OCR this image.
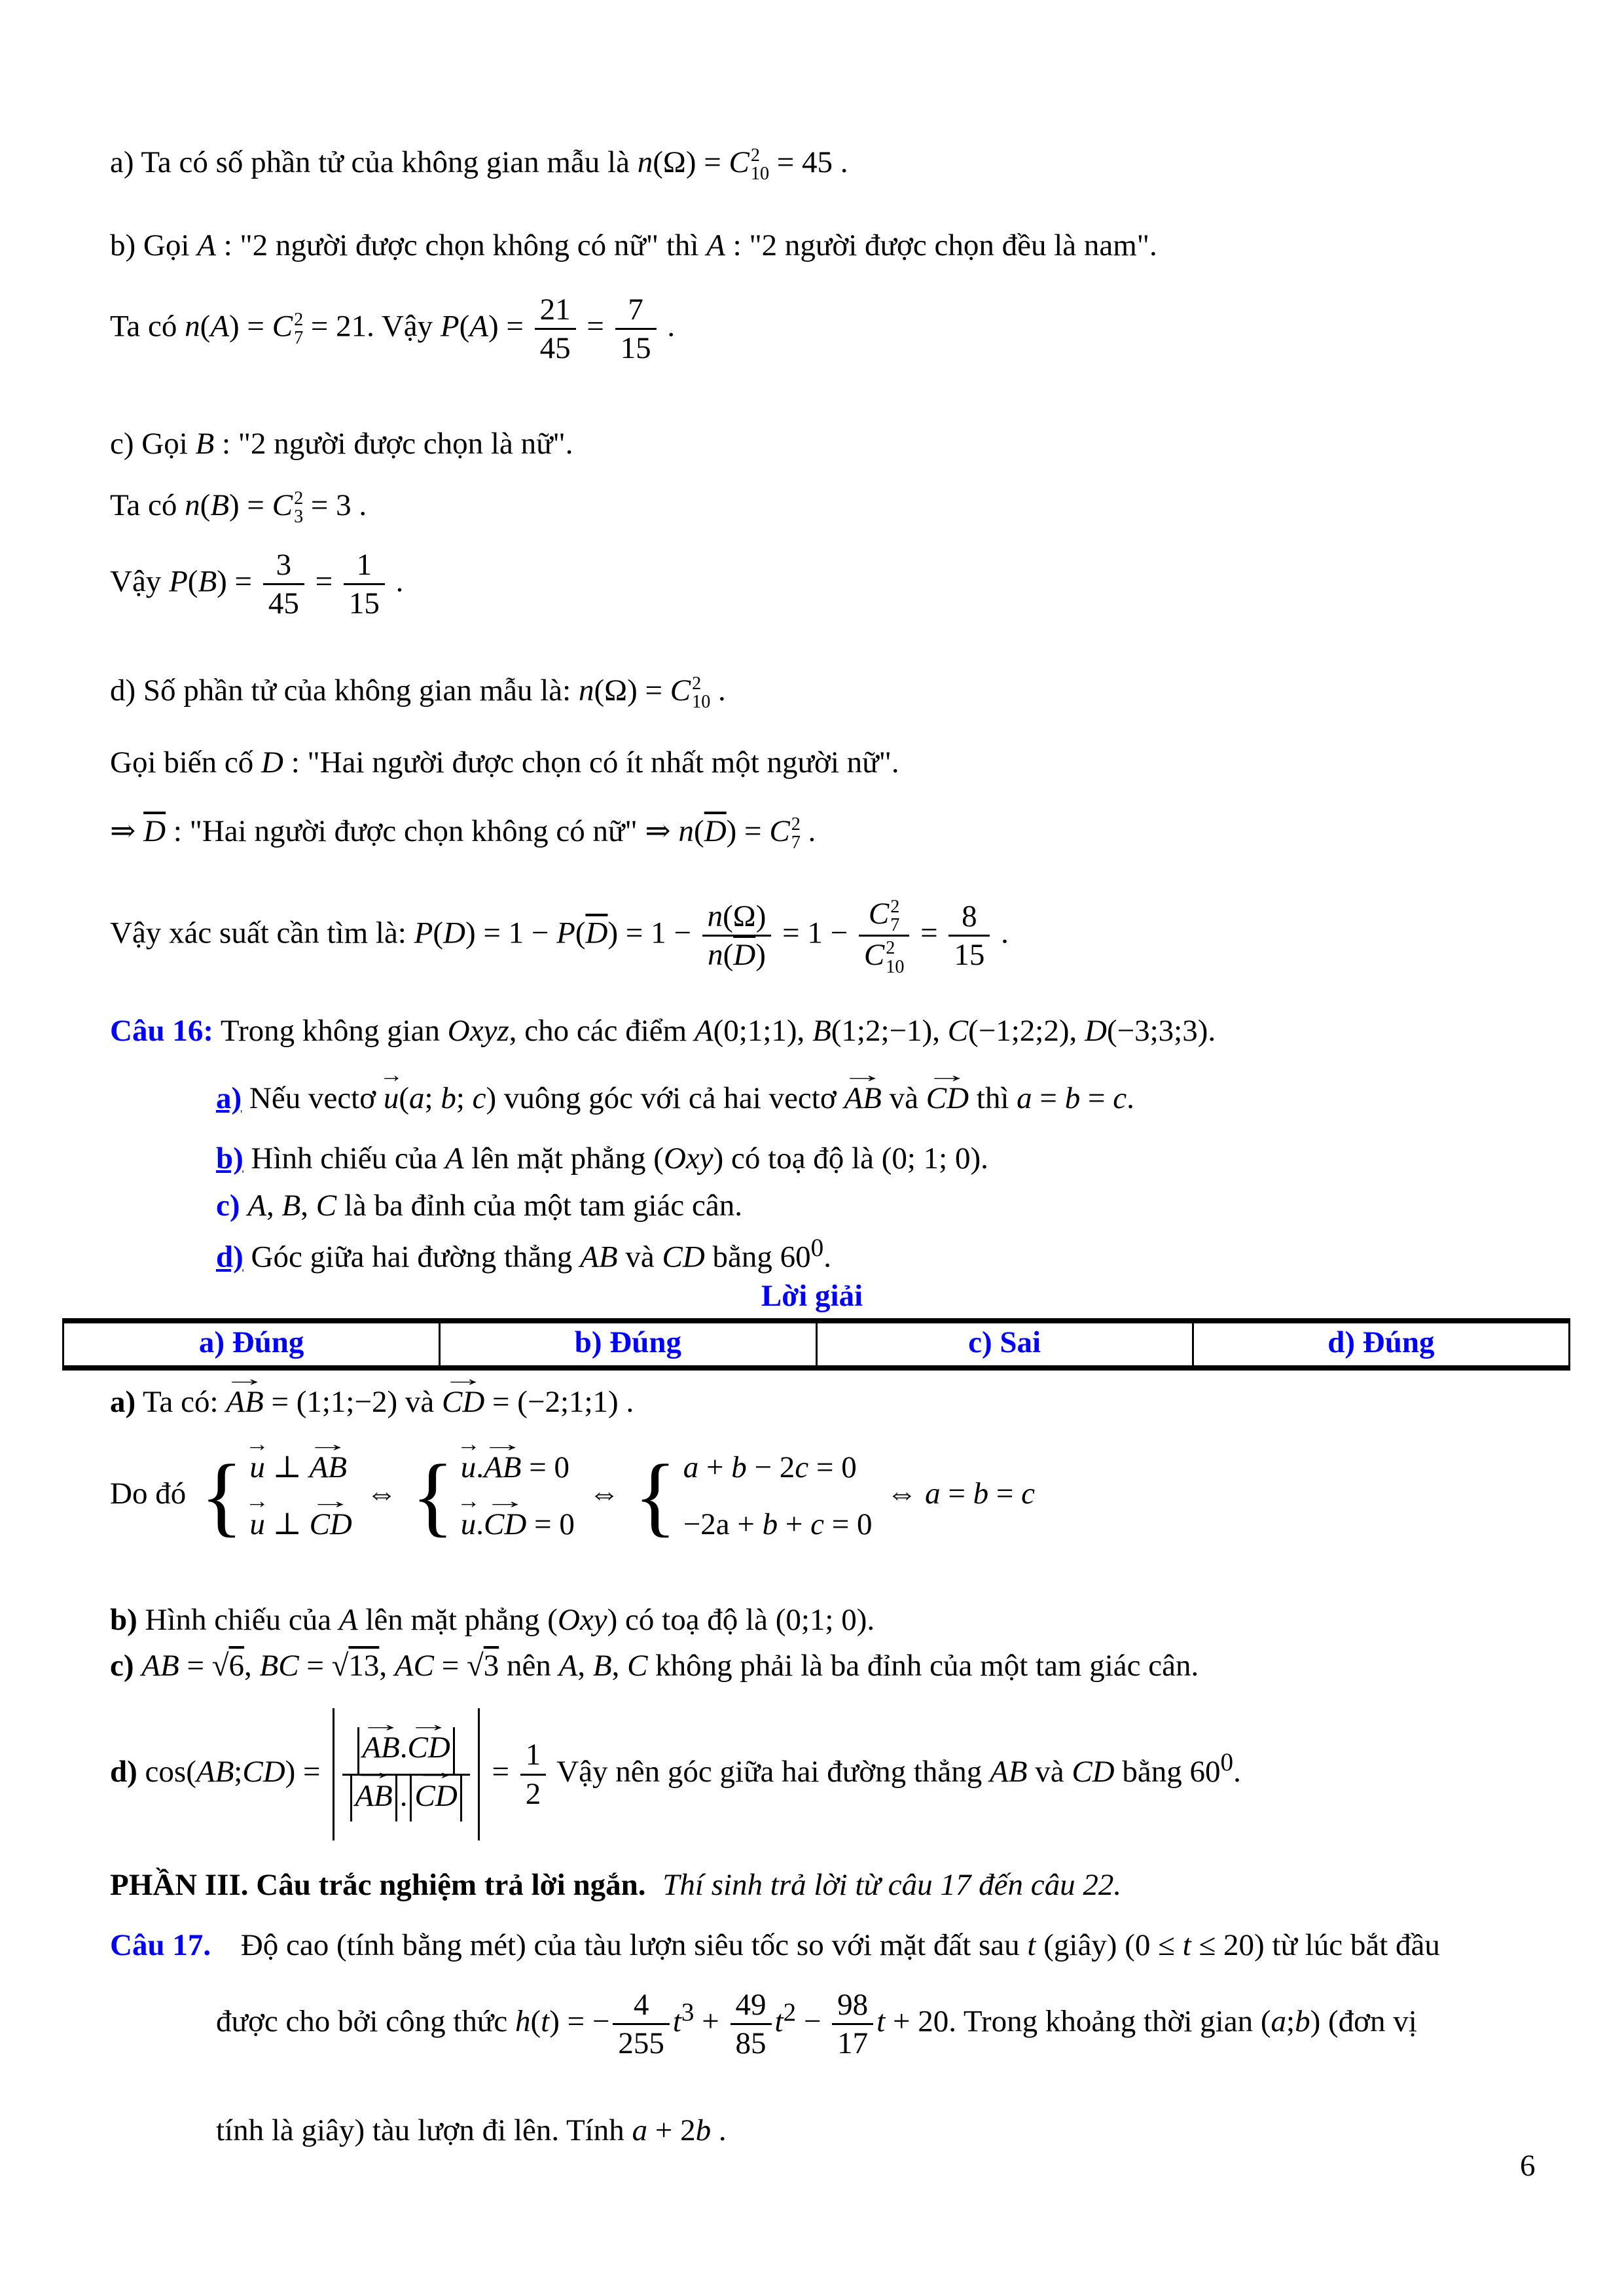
a) Ta có số phần tử của không gian mẫu là n(Ω) = C 2
10 = 45 .
b) Gọi A : "2 người được chọn không có nữ" thì A : "2 người được chọn đều là nam".
Ta có n(A) = C 2
7 = 21. Vậy $P(A) = \frac{21}{45} = \frac{7}{15}$ .
c) Gọi B : "2 người được chọn là nữ".
Ta có n(B) = C 2
3 = 3 .
Vậy $P(B) = \frac{3}{45} = \frac{1}{15}$ .
d) Số phần tử của không gian mẫu là: n(Ω) = C 2
10 .
Gọi biến cố D : "Hai người được chọn có ít nhất một người nữ".
⇒ $\overline{D}$ : "Hai người được chọn không có nữ" ⇒ $n(\overline{D}) = C$ 2
7 .
Vậy xác suất cần tìm là: $P(D) = 1 - P(\overline{D}) = 1 - \frac{n(\Omega)}{n(\overline{D})} = 1 - C$ 2
7
C 2
$10 = \frac{8}{15}$ .
Câu 16: Trong không gian Oxyz, cho các điểm A(0;1;1), B(1;2;−1), C(−1;2;2), D(−3;3;3).
a) Nếu vectơ u →(a; b; c) vuông góc với cả hai vectơ AB → và CD → thì a = b = c.
b) Hình chiếu của A lên mặt phẳng (Oxy) có toạ độ là (0; 1; 0).
c) A, B, C là ba đỉnh của một tam giác cân.
d) Góc giữa hai đường thẳng AB và CD bằng $60^0$.
Lời giải
a) Đúng	b) Đúng	c) Sai	d) Đúng
a) Ta có: AB → = (1;1;−2) và CD → = (−2;1;1) .
Do đó
{ u → ⊥ AB →
u → ⊥ CD →
⇔
{ u →.AB → = 0
u →.CD → = 0
⇔
{ a + b − 2c = 0
−2a + b + c = 0
⇔ a = b = c
b) Hình chiếu của A lên mặt phẳng (Oxy) có toạ độ là (0;1; 0).
c) AB = √ 6, BC = √ 13, AC = √ 3 nên A, B, C không phải là ba đỉnh của một tam giác cân.
d) cos(AB;CD) = $\frac{AB \to.CD \to}{AB \to . CD}$ → = $\frac{1}{2}$ Vậy nên góc giữa hai đường thẳng AB và CD bằng $60^0$.
PHẦN III. Câu trắc nghiệm trả lời ngắn. Thí sinh trả lời từ câu 17 đến câu 22.
Câu 17. Độ cao (tính bằng mét) của tàu lượn siêu tốc so với mặt đất sau t (giây) (0 ≤ t ≤ 20) từ lúc bắt đầu
được cho bởi công thức h(t) = − $\frac{4}{255} t^3 + \frac{49}{85} t^2 - \frac{98}{17}$ t + 20. Trong khoảng thời gian (a;b) (đơn vị
tính là giây) tàu lượn đi lên. Tính a + 2b .
6
